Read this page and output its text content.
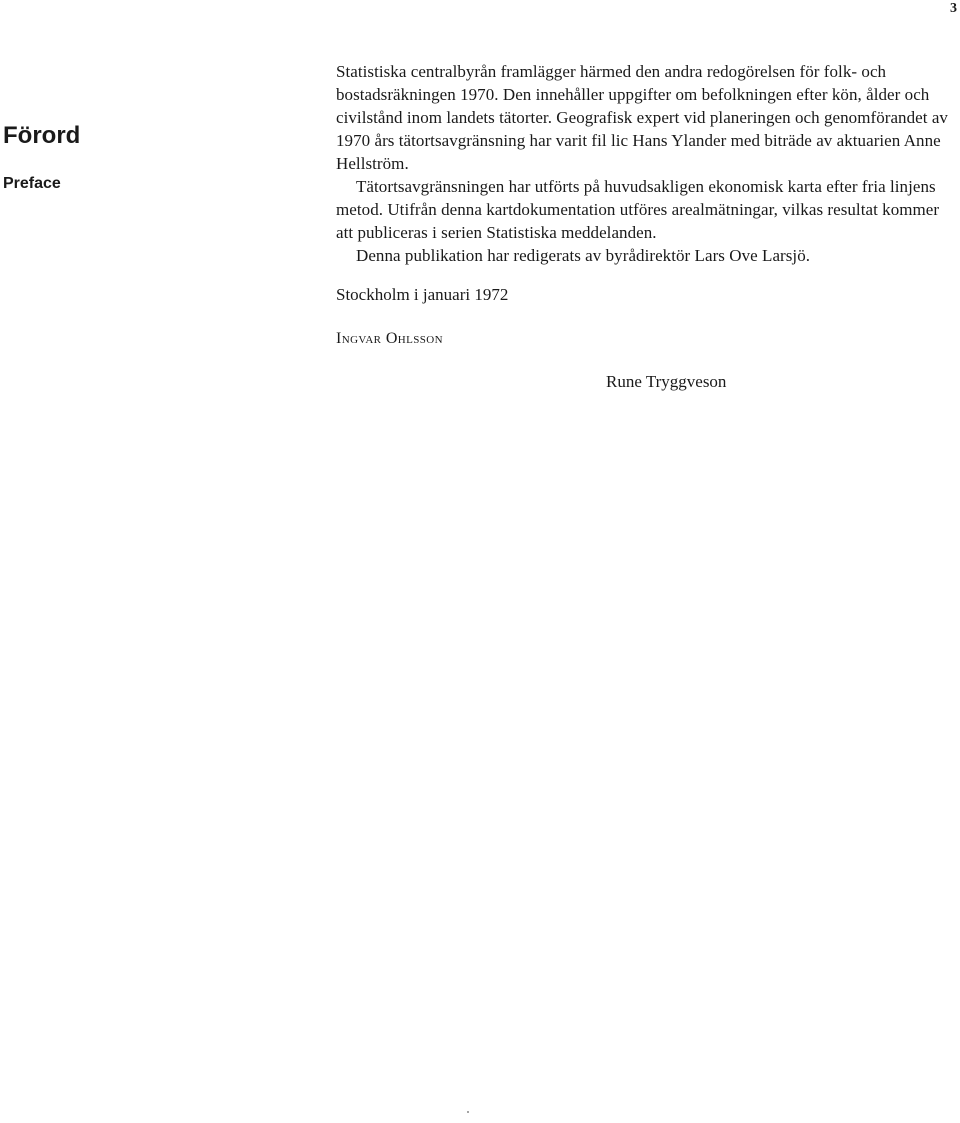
3
Förord
Preface

Statistiska centralbyrån framlägger härmed den andra redogörelsen för folk- och bostadsräkningen 1970. Den innehåller uppgifter om befolkningen efter kön, ålder och civilstånd inom landets tätorter. Geografisk expert vid planeringen och genomförandet av 1970 års tätortsavgränsning har varit fil lic Hans Ylander med biträde av aktuarien Anne Hellström.

Tätortsavgränsningen har utförts på huvudsakligen ekonomisk karta efter fria linjens metod. Utifrån denna kartdokumentation utföres arealmätningar, vilkas resultat kommer att publiceras i serien Statistiska meddelanden.

Denna publikation har redigerats av byrådirektör Lars Ove Larsjö.

Stockholm i januari 1972

Ingvar Ohlsson

Rune Tryggveson
